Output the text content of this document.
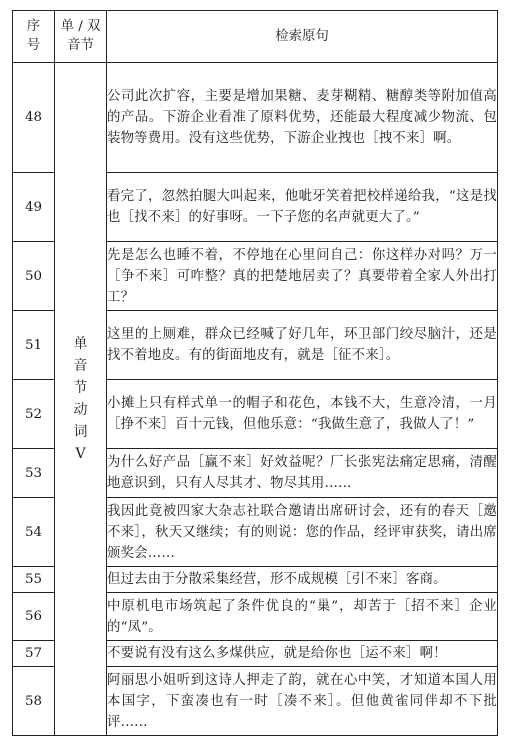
序号	单 / 双音节	检索原句
48	单音节动词V	公司此次扩容，主要是增加果糖、麦芽糊精、糖醇类等附加值高的产品。下游企业看准了原料优势，还能最大程度减少物流、包装物等费用。没有这些优势，下游企业拽也［拽不来］啊。
49		看完了，忽然拍腿大叫起来，他呲牙笑着把校样递给我，“这是找也［找不来］的好事呀。一下子您的名声就更大了。”
50		先是怎么也睡不着，不停地在心里问自己：你这样办对吗？万一［争不来］可咋整？真的把楚地居卖了？真要带着全家人外出打工？
51		这里的上厕难，群众已经喊了好几年，环卫部门绞尽脑汁，还是找不着地皮。有的街面地皮有，就是［征不来］。
52		小摊上只有样式单一的帽子和花色，本钱不大，生意冷清，一月［挣不来］百十元钱，但他乐意：“我做生意了，我做人了！”
53		为什么好产品［赢不来］好效益呢？厂长张宪法痛定思痛，清醒地意识到，只有人尽其才、物尽其用……
54		我因此竟被四家大杂志社联合邀请出席研讨会，还有的春天［邀不来］，秋天又继续；有的则说：您的作品，经评审获奖，请出席颁奖会……
55		但过去由于分散采集经营，形不成规模［引不来］客商。
56		中原机电市场筑起了条件优良的“巢”，却苦于［招不来］企业的“凤”。
57		不要说有没有这么多煤供应，就是给你也［运不来］啊！
58		阿丽思小姐听到这诗人押走了韵，就在心中笑，才知道本国人用本国字，下蛮凑也有一时［凑不来］。但他黄雀同伴却不下批评……
